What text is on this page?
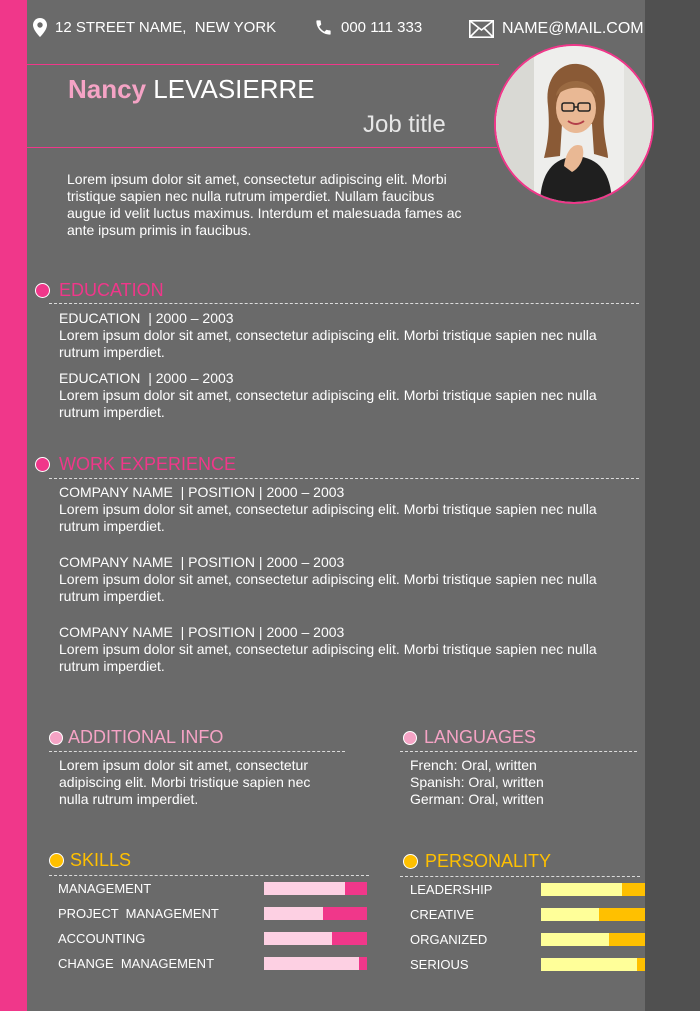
12 STREET NAME,  NEW YORK	000 111 333	NAME@MAIL.COM
Nancy LEVASIERRE
Job title
Lorem ipsum dolor sit amet, consectetur adipiscing elit. Morbi tristique sapien nec nulla rutrum imperdiet. Nullam faucibus augue id velit luctus maximus. Interdum et malesuada fames ac ante ipsum primis in faucibus.
EDUCATION
EDUCATION  | 2000 – 2003
Lorem ipsum dolor sit amet, consectetur adipiscing elit. Morbi tristique sapien nec nulla rutrum imperdiet.
EDUCATION  | 2000 – 2003
Lorem ipsum dolor sit amet, consectetur adipiscing elit. Morbi tristique sapien nec nulla rutrum imperdiet.
WORK EXPERIENCE
COMPANY NAME  | POSITION | 2000 – 2003
Lorem ipsum dolor sit amet, consectetur adipiscing elit. Morbi tristique sapien nec nulla rutrum imperdiet.
COMPANY NAME  | POSITION | 2000 – 2003
Lorem ipsum dolor sit amet, consectetur adipiscing elit. Morbi tristique sapien nec nulla rutrum imperdiet.
COMPANY NAME  | POSITION | 2000 – 2003
Lorem ipsum dolor sit amet, consectetur adipiscing elit. Morbi tristique sapien nec nulla rutrum imperdiet.
ADDITIONAL INFO
Lorem ipsum dolor sit amet, consectetur adipiscing elit. Morbi tristique sapien nec nulla rutrum imperdiet.
LANGUAGES
French: Oral, written
Spanish: Oral, written
German: Oral, written
SKILLS
MANAGEMENT
PROJECT  MANAGEMENT
ACCOUNTING
CHANGE  MANAGEMENT
PERSONALITY
LEADERSHIP
CREATIVE
ORGANIZED
SERIOUS
